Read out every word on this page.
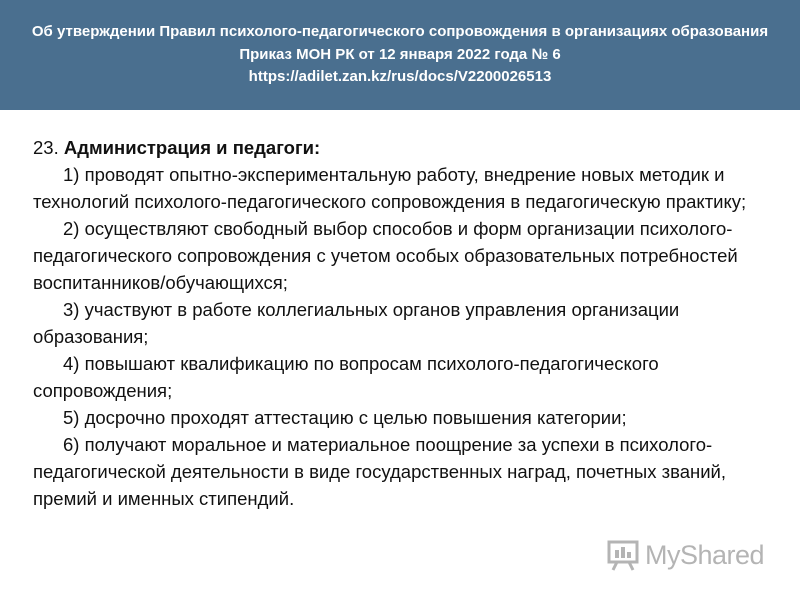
Об утверждении Правил психолого-педагогического сопровождения в организациях образования

Приказ МОН РК от 12 января 2022 года № 6

https://adilet.zan.kz/rus/docs/V2200026513

23. Администрация и педагоги:

1) проводят опытно-экспериментальную работу, внедрение новых методик и технологий психолого-педагогического сопровождения в педагогическую практику;

2) осуществляют свободный выбор способов и форм организации психолого-педагогического сопровождения с учетом особых образовательных потребностей воспитанников/обучающихся;

3) участвуют в работе коллегиальных органов управления организации образования;

4) повышают квалификацию по вопросам психолого-педагогического сопровождения;

5) досрочно проходят аттестацию с целью повышения категории;

6) получают моральное и материальное поощрение за успехи в психолого-педагогической деятельности в виде государственных наград, почетных званий, премий и именных стипендий.

MyShared
